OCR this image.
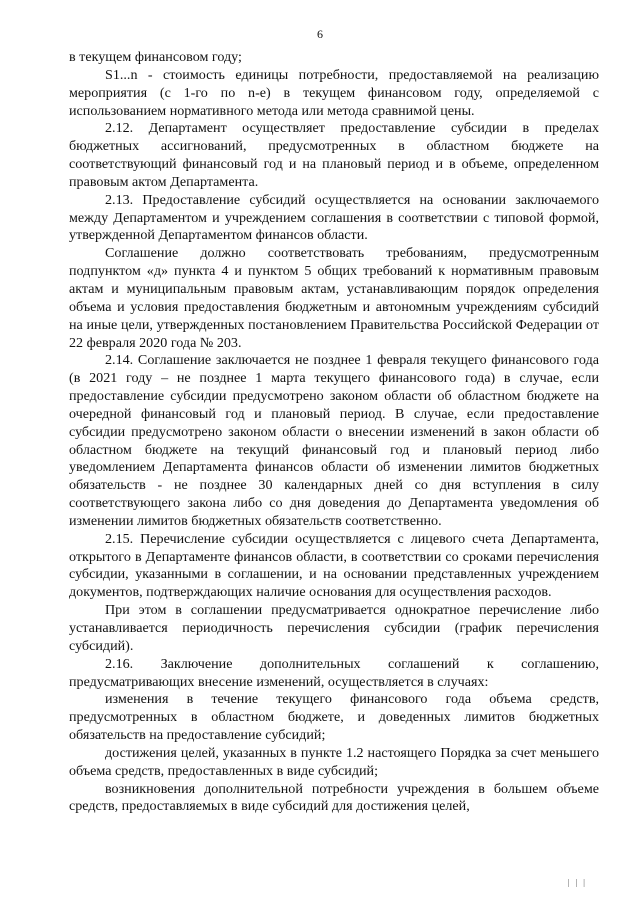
6

в текущем финансовом году;

S1...n - стоимость единицы потребности, предоставляемой на реализацию мероприятия (с 1-го по n-е) в текущем финансовом году, определяемой с использованием нормативного метода или метода сравнимой цены.

2.12. Департамент осуществляет предоставление субсидии в пределах бюджетных ассигнований, предусмотренных в областном бюджете на соответствующий финансовый год и на плановый период и в объеме, определенном правовым актом Департамента.

2.13. Предоставление субсидий осуществляется на основании заключаемого между Департаментом и учреждением соглашения в соответствии с типовой формой, утвержденной Департаментом финансов области.

Соглашение должно соответствовать требованиям, предусмотренным подпунктом «д» пункта 4 и пунктом 5 общих требований к нормативным правовым актам и муниципальным правовым актам, устанавливающим порядок определения объема и условия предоставления бюджетным и автономным учреждениям субсидий на иные цели, утвержденных постановлением Правительства Российской Федерации от 22 февраля 2020 года № 203.

2.14. Соглашение заключается не позднее 1 февраля текущего финансового года (в 2021 году – не позднее 1 марта текущего финансового года) в случае, если предоставление субсидии предусмотрено законом области об областном бюджете на очередной финансовый год и плановый период. В случае, если предоставление субсидии предусмотрено законом области о внесении изменений в закон области об областном бюджете на текущий финансовый год и плановый период либо уведомлением Департамента финансов области об изменении лимитов бюджетных обязательств - не позднее 30 календарных дней со дня вступления в силу соответствующего закона либо со дня доведения до Департамента уведомления об изменении лимитов бюджетных обязательств соответственно.

2.15. Перечисление субсидии осуществляется с лицевого счета Департамента, открытого в Департаменте финансов области, в соответствии со сроками перечисления субсидии, указанными в соглашении, и на основании представленных учреждением документов, подтверждающих наличие основания для осуществления расходов.

При этом в соглашении предусматривается однократное перечисление либо устанавливается периодичность перечисления субсидии (график перечисления субсидий).

2.16. Заключение дополнительных соглашений к соглашению, предусматривающих внесение изменений, осуществляется в случаях:

изменения в течение текущего финансового года объема средств, предусмотренных в областном бюджете, и доведенных лимитов бюджетных обязательств на предоставление субсидий;

достижения целей, указанных в пункте 1.2 настоящего Порядка за счет меньшего объема средств, предоставленных в виде субсидий;

возникновения дополнительной потребности учреждения в большем объеме средств, предоставляемых в виде субсидий для достижения целей,

| | |
